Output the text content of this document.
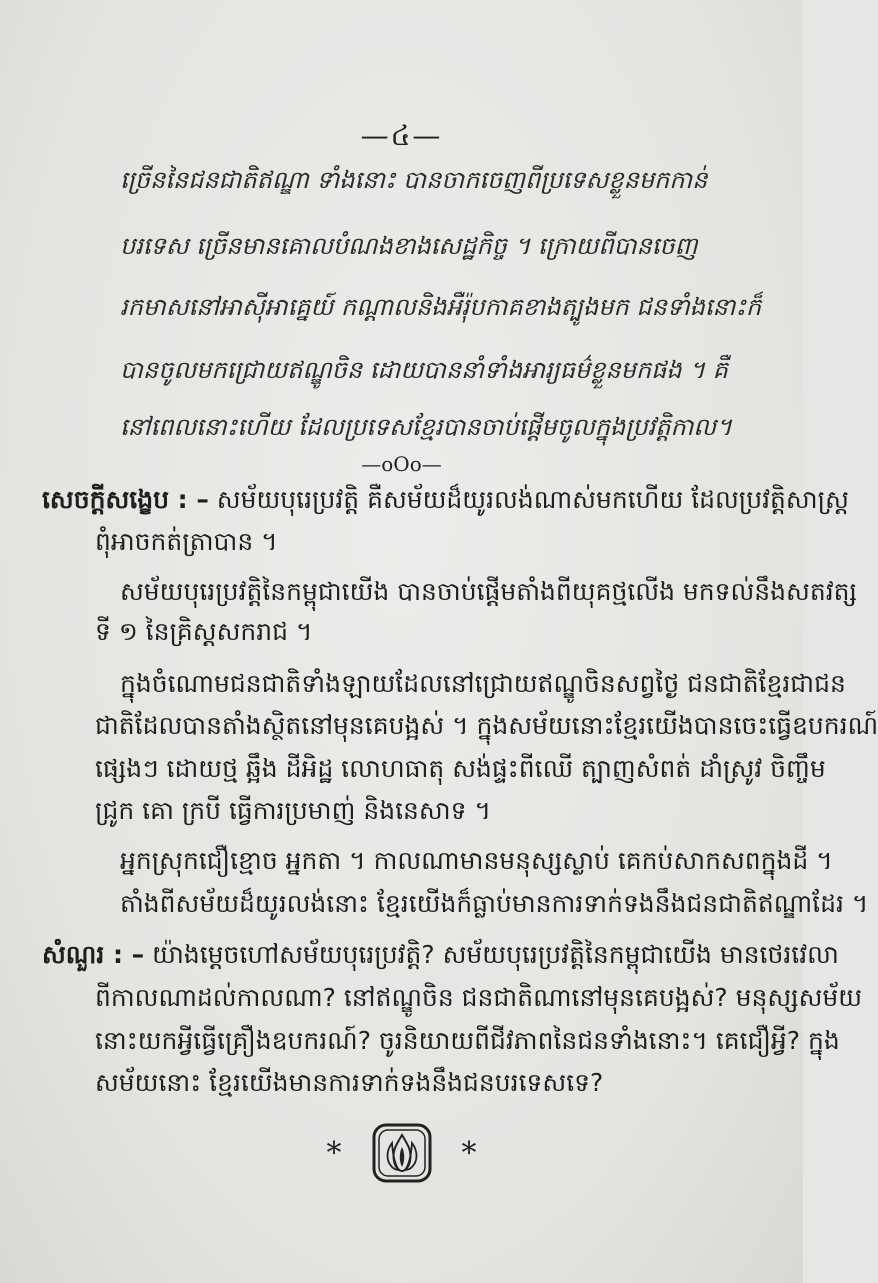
—៤—
ច្រើននៃជនជាតិឥណ្ឌា ទាំងនោះ បានចាកចេញពីប្រទេសខ្លួនមកកាន់
បរទេស ច្រើនមានគោលបំណងខាងសេដ្ឋកិច្ច ។ ក្រោយពីបានចេញ
រកមាសនៅអាស៊ីអាគ្នេយ៍ កណ្ដាលនិងអឺរ៉ុបកាគខាងត្បូងមក ជនទាំងនោះក៏
បានចូលមកជ្រោយឥណ្ឌូចិន ដោយបាននាំទាំងអារ្យធម៌ខ្លួនមកផង ។ គឺ
នៅពេលនោះហើយ ដែលប្រទេសខ្មែរបានចាប់ផ្តើមចូលក្នុងប្រវត្តិកាល។
—oOo—
សេចក្ដីសង្ខេប : – សម័យបុរេប្រវត្តិ គឺសម័យដ៏យូរលង់ណាស់មកហើយ ដែលប្រវត្តិសាស្ត្រ
ពុំអាចកត់ត្រាបាន ។
សម័យបុរេប្រវត្តិនៃកម្ពុជាយើង បានចាប់ផ្តើមតាំងពីយុគថ្មលើង មកទល់នឹងសតវត្ស
ទី ១ នៃគ្រិស្តសករាជ ។
ក្នុងចំណោមជនជាតិទាំងឡាយដែលនៅជ្រោយឥណ្ឌូចិនសព្វថ្ងៃ ជនជាតិខ្មែរជាជន
ជាតិដែលបានតាំងស្ថិតនៅមុនគេបង្អស់ ។ ក្នុងសម័យនោះខ្មែរយើងបានចេះធ្វើឧបករណ៍
ផ្សេងៗ ដោយថ្ម ឆ្អឹង ដីអិដ្ឋ លោហធាតុ សង់ផ្ទះពីឈើ ត្បាញសំពត់ ដាំស្រូវ ចិញ្ចឹម
ជ្រូក គោ ក្របី ធ្វើការប្រមាញ់ និងនេសាទ ។
អ្នកស្រុកជឿខ្មោច អ្នកតា ។ កាលណាមានមនុស្សស្លាប់ គេកប់សាកសពក្នុងដី ។
តាំងពីសម័យដ៏យូរលង់នោះ ខ្មែរយើងក៏ធ្លាប់មានការទាក់ទងនឹងជនជាតិឥណ្ឌាដែរ ។
សំណួរ : – យ៉ាងម្ដេចហៅសម័យបុរេប្រវត្តិ? សម័យបុរេប្រវត្តិនៃកម្ពុជាយើង មានថេរវេលា
ពីកាលណាដល់កាលណា? នៅឥណ្ឌូចិន ជនជាតិណានៅមុនគេបង្អស់? មនុស្សសម័យ
នោះយកអ្វីធ្វើគ្រឿងឧបករណ៍? ចូរនិយាយពីជីវភាពនៃជនទាំងនោះ។ គេជឿអ្វី? ក្នុង
សម័យនោះ ខ្មែរយើងមានការទាក់ទងនឹងជនបរទេសទេ?
*	*
